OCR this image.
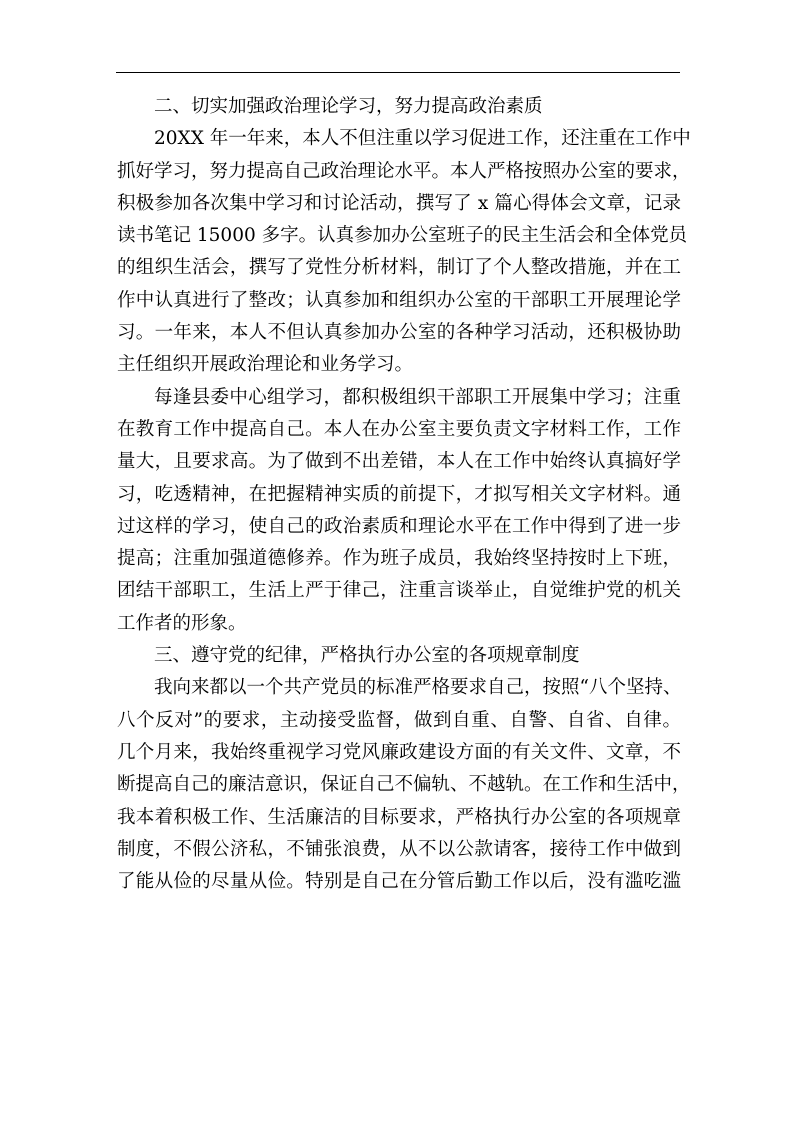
二、切实加强政治理论学习，努力提高政治素质
20XX 年一年来，本人不但注重以学习促进工作，还注重在工作中
抓好学习，努力提高自己政治理论水平。本人严格按照办公室的要求，
积极参加各次集中学习和讨论活动，撰写了 x 篇心得体会文章，记录
读书笔记 15000 多字。认真参加办公室班子的民主生活会和全体党员
的组织生活会，撰写了党性分析材料，制订了个人整改措施，并在工
作中认真进行了整改；认真参加和组织办公室的干部职工开展理论学
习。一年来，本人不但认真参加办公室的各种学习活动，还积极协助
主任组织开展政治理论和业务学习。
每逢县委中心组学习，都积极组织干部职工开展集中学习；注重
在教育工作中提高自己。本人在办公室主要负责文字材料工作，工作
量大，且要求高。为了做到不出差错，本人在工作中始终认真搞好学
习，吃透精神，在把握精神实质的前提下，才拟写相关文字材料。通
过这样的学习，使自己的政治素质和理论水平在工作中得到了进一步
提高；注重加强道德修养。作为班子成员，我始终坚持按时上下班，
团结干部职工，生活上严于律己，注重言谈举止，自觉维护党的机关
工作者的形象。
三、遵守党的纪律，严格执行办公室的各项规章制度
我向来都以一个共产党员的标准严格要求自己，按照“八个坚持、
八个反对”的要求，主动接受监督，做到自重、自警、自省、自律。
几个月来，我始终重视学习党风廉政建设方面的有关文件、文章，不
断提高自己的廉洁意识，保证自己不偏轨、不越轨。在工作和生活中，
我本着积极工作、生活廉洁的目标要求，严格执行办公室的各项规章
制度，不假公济私，不铺张浪费，从不以公款请客，接待工作中做到
了能从俭的尽量从俭。特别是自己在分管后勤工作以后，没有滥吃滥
